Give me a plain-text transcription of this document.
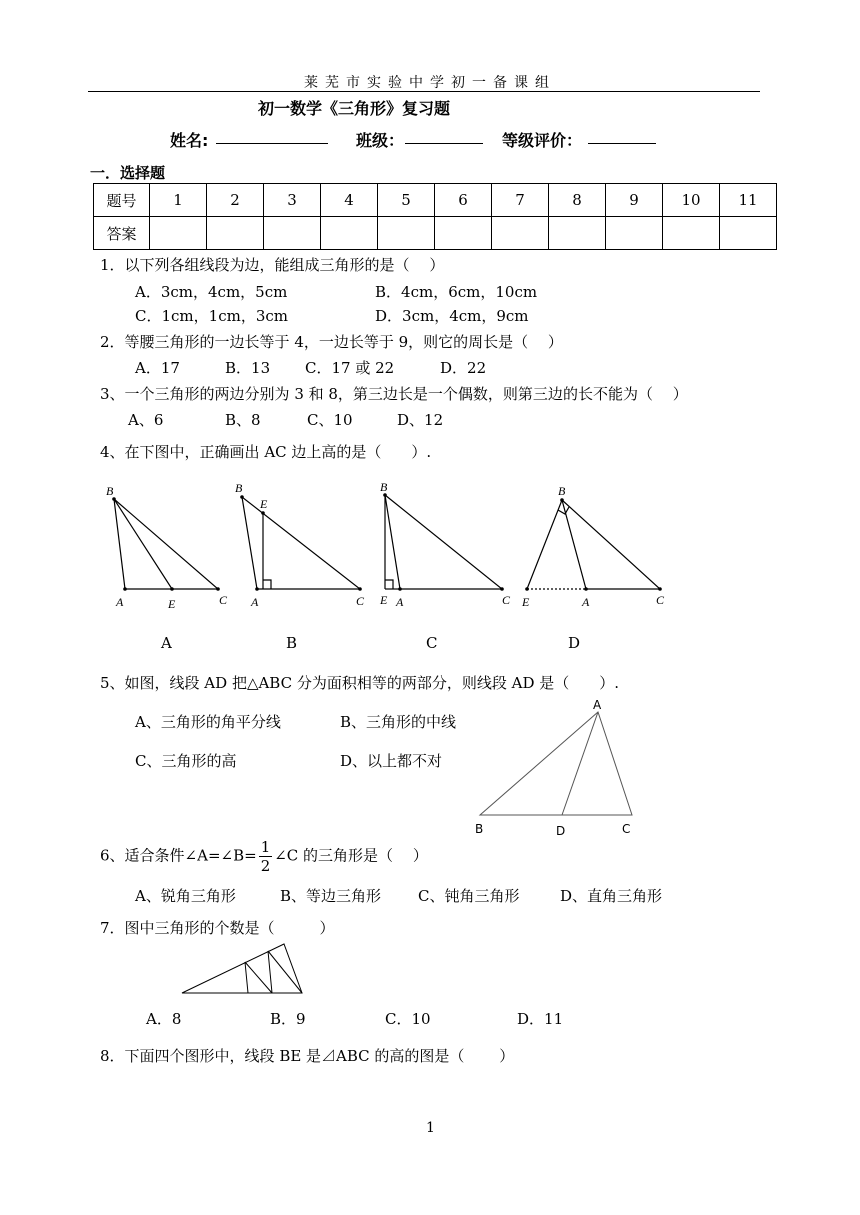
莱芜市实验中学初一备课组
初一数学《三角形》复习题
姓名:	班级：	等级评价：
一．选择题
题号	1	2	3	4	5	6	7	8	9	10	11
答案											
1．以下列各组线段为边，能组成三角形的是（　 ）
A．3cm，4cm，5cm	B．4cm，6cm，10cm
C．1cm，1cm，3cm	D．3cm，4cm，9cm
2．等腰三角形的一边长等于 4，一边长等于 9，则它的周长是（　 ）
A．17	B．13 C．17 或 22	D．22
3、一个三角形的两边分别为 3 和 8，第三边长是一个偶数，则第三边的长不能为（　 ）
A、6	B、8	C、10	D、12
4、在下图中，正确画出 AC 边上高的是（　　）.
B
A	E	C
B
E
A	C
B
E A	C
B
E	A	C
A	B	C	D
5、如图，线段 AD 把△ABC 分为面积相等的两部分，则线段 AD 是（　　）.
A、三角形的角平分线	B、三角形的中线
C、三角形的高	D、以上都不对
A
B	D	C
6、适合条件∠A=∠B= $\frac{1}{2}$ ∠C 的三角形是（　 ）
A、锐角三角形	B、等边三角形 C、钝角三角形	D、直角三角形
7．图中三角形的个数是（　　　）
A．8	B．9	C．10	D．11
8．下面四个图形中，线段 BE 是⊿ABC 的高的图是（　　 ）
1
